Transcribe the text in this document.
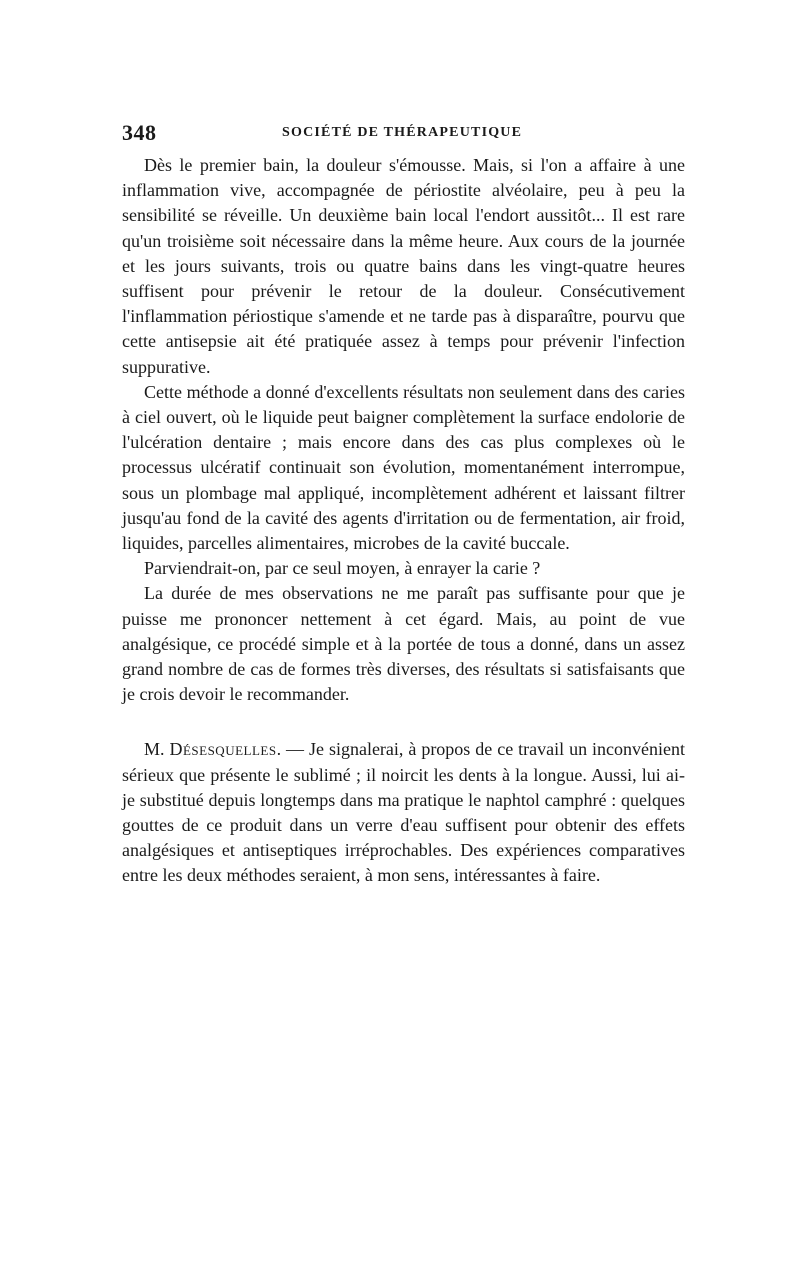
348	SOCIÉTÉ DE THÉRAPEUTIQUE

Dès le premier bain, la douleur s'émousse. Mais, si l'on a affaire à une inflammation vive, accompagnée de périostite alvéolaire, peu à peu la sensibilité se réveille. Un deuxième bain local l'endort aussitôt... Il est rare qu'un troisième soit nécessaire dans la même heure. Aux cours de la journée et les jours suivants, trois ou quatre bains dans les vingt-quatre heures suffisent pour prévenir le retour de la douleur. Consécutivement l'inflammation périostique s'amende et ne tarde pas à disparaître, pourvu que cette antisepsie ait été pratiquée assez à temps pour prévenir l'infection suppurative.

Cette méthode a donné d'excellents résultats non seulement dans des caries à ciel ouvert, où le liquide peut baigner complètement la surface endolorie de l'ulcération dentaire ; mais encore dans des cas plus complexes où le processus ulcératif continuait son évolution, momentanément interrompue, sous un plombage mal appliqué, incomplètement adhérent et laissant filtrer jusqu'au fond de la cavité des agents d'irritation ou de fermentation, air froid, liquides, parcelles alimentaires, microbes de la cavité buccale.

Parviendrait-on, par ce seul moyen, à enrayer la carie ?

La durée de mes observations ne me paraît pas suffisante pour que je puisse me prononcer nettement à cet égard. Mais, au point de vue analgésique, ce procédé simple et à la portée de tous a donné, dans un assez grand nombre de cas de formes très diverses, des résultats si satisfaisants que je crois devoir le recommander.

M. Désesquelles. — Je signalerai, à propos de ce travail un inconvénient sérieux que présente le sublimé ; il noircit les dents à la longue. Aussi, lui ai-je substitué depuis longtemps dans ma pratique le naphtol camphré : quelques gouttes de ce produit dans un verre d'eau suffisent pour obtenir des effets analgésiques et antiseptiques irréprochables. Des expériences comparatives entre les deux méthodes seraient, à mon sens, intéressantes à faire.
